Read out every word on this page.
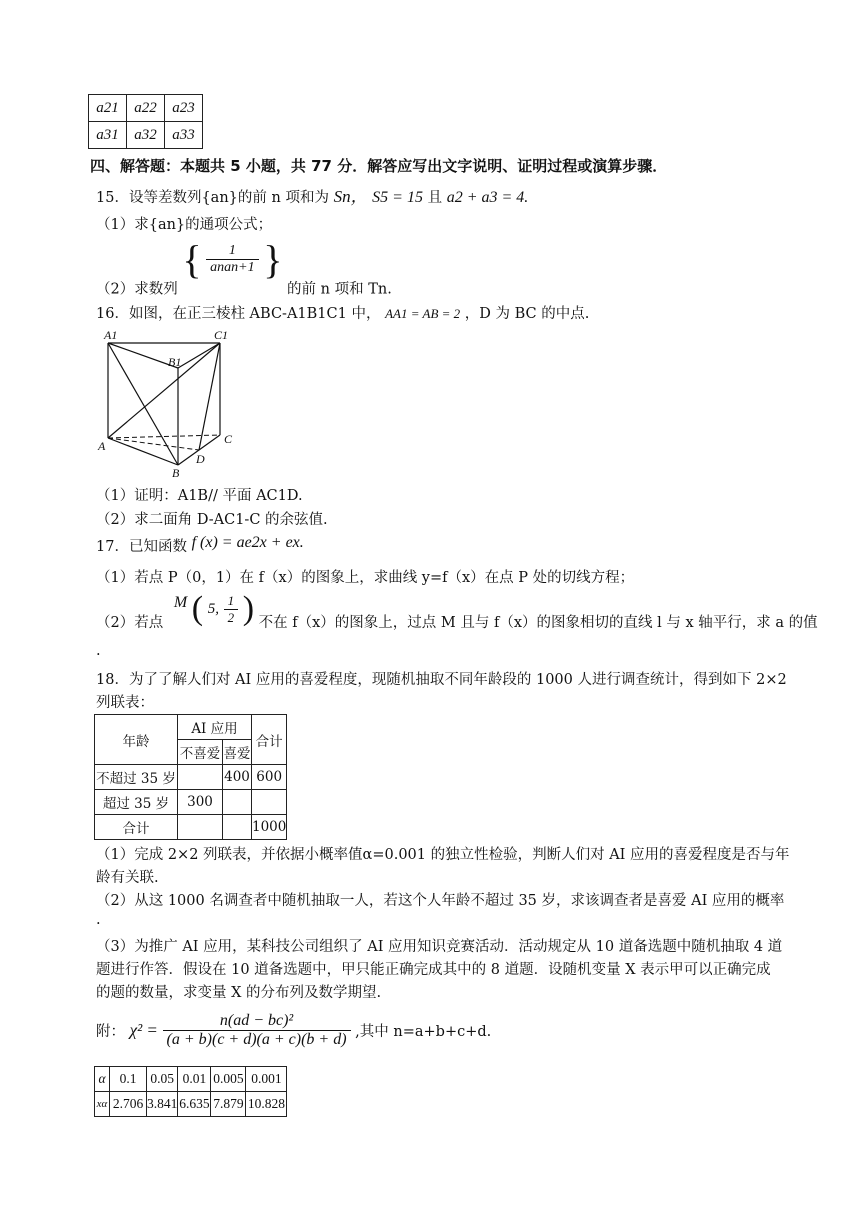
a21	a22	a23
a31	a32	a33
四、解答题：本题共 5 小题，共 77 分．解答应写出文字说明、证明过程或演算步骤．
15．设等差数列{an}的前 n 项和为 Sn， S5 = 15 且 a2 + a3 = 4.
（1）求{an}的通项公式；
（2）求数列 { $\frac{1}{\text{anan+1}}$ } 的前 n 项和 Tn.
16．如图，在正三棱柱 ABC-A1B1C1 中， AA1 = AB = 2 ，D 为 BC 的中点.
A1	C1
B1
A
B
C
D
（1）证明：A1B// 平面 AC1D.
（2）求二面角 D-AC1-C 的余弦值.
17．已知函数 f (x) = ae2x + ex.
（1）若点 P（0，1）在 f（x）的图象上，求曲线 y=f（x）在点 P 处的切线方程；
（2）若点 M ( 5, $\frac{1}{2}$ ) 不在 f（x）的图象上，过点 M 且与 f（x）的图象相切的直线 l 与 x 轴平行，求 a 的值
.
18．为了了解人们对 AI 应用的喜爱程度，现随机抽取不同年龄段的 1000 人进行调查统计，得到如下 2×2
列联表：
年龄	AI 应用		合计
	不喜爱	喜爱	
不超过 35 岁		400	600
超过 35 岁	300		
合计			1000
（1）完成 2×2 列联表，并依据小概率值α=0.001 的独立性检验，判断人们对 AI 应用的喜爱程度是否与年
龄有关联.
（2）从这 1000 名调查者中随机抽取一人，若这个人年龄不超过 35 岁，求该调查者是喜爱 AI 应用的概率
.
（3）为推广 AI 应用，某科技公司组织了 AI 应用知识竞赛活动．活动规定从 10 道备选题中随机抽取 4 道
题进行作答．假设在 10 道备选题中，甲只能正确完成其中的 8 道题．设随机变量 X 表示甲可以正确完成
的题的数量，求变量 X 的分布列及数学期望.
附： $\chi^2 = \frac{\text{n(ad − bc)²}}{(a + b)(c + d)(a + c)(b + d)}$ ,其中 n=a+b+c+d.
α	0.1	0.05	0.01	0.005	0.001
xα	2.706	3.841	6.635	7.879	10.828
